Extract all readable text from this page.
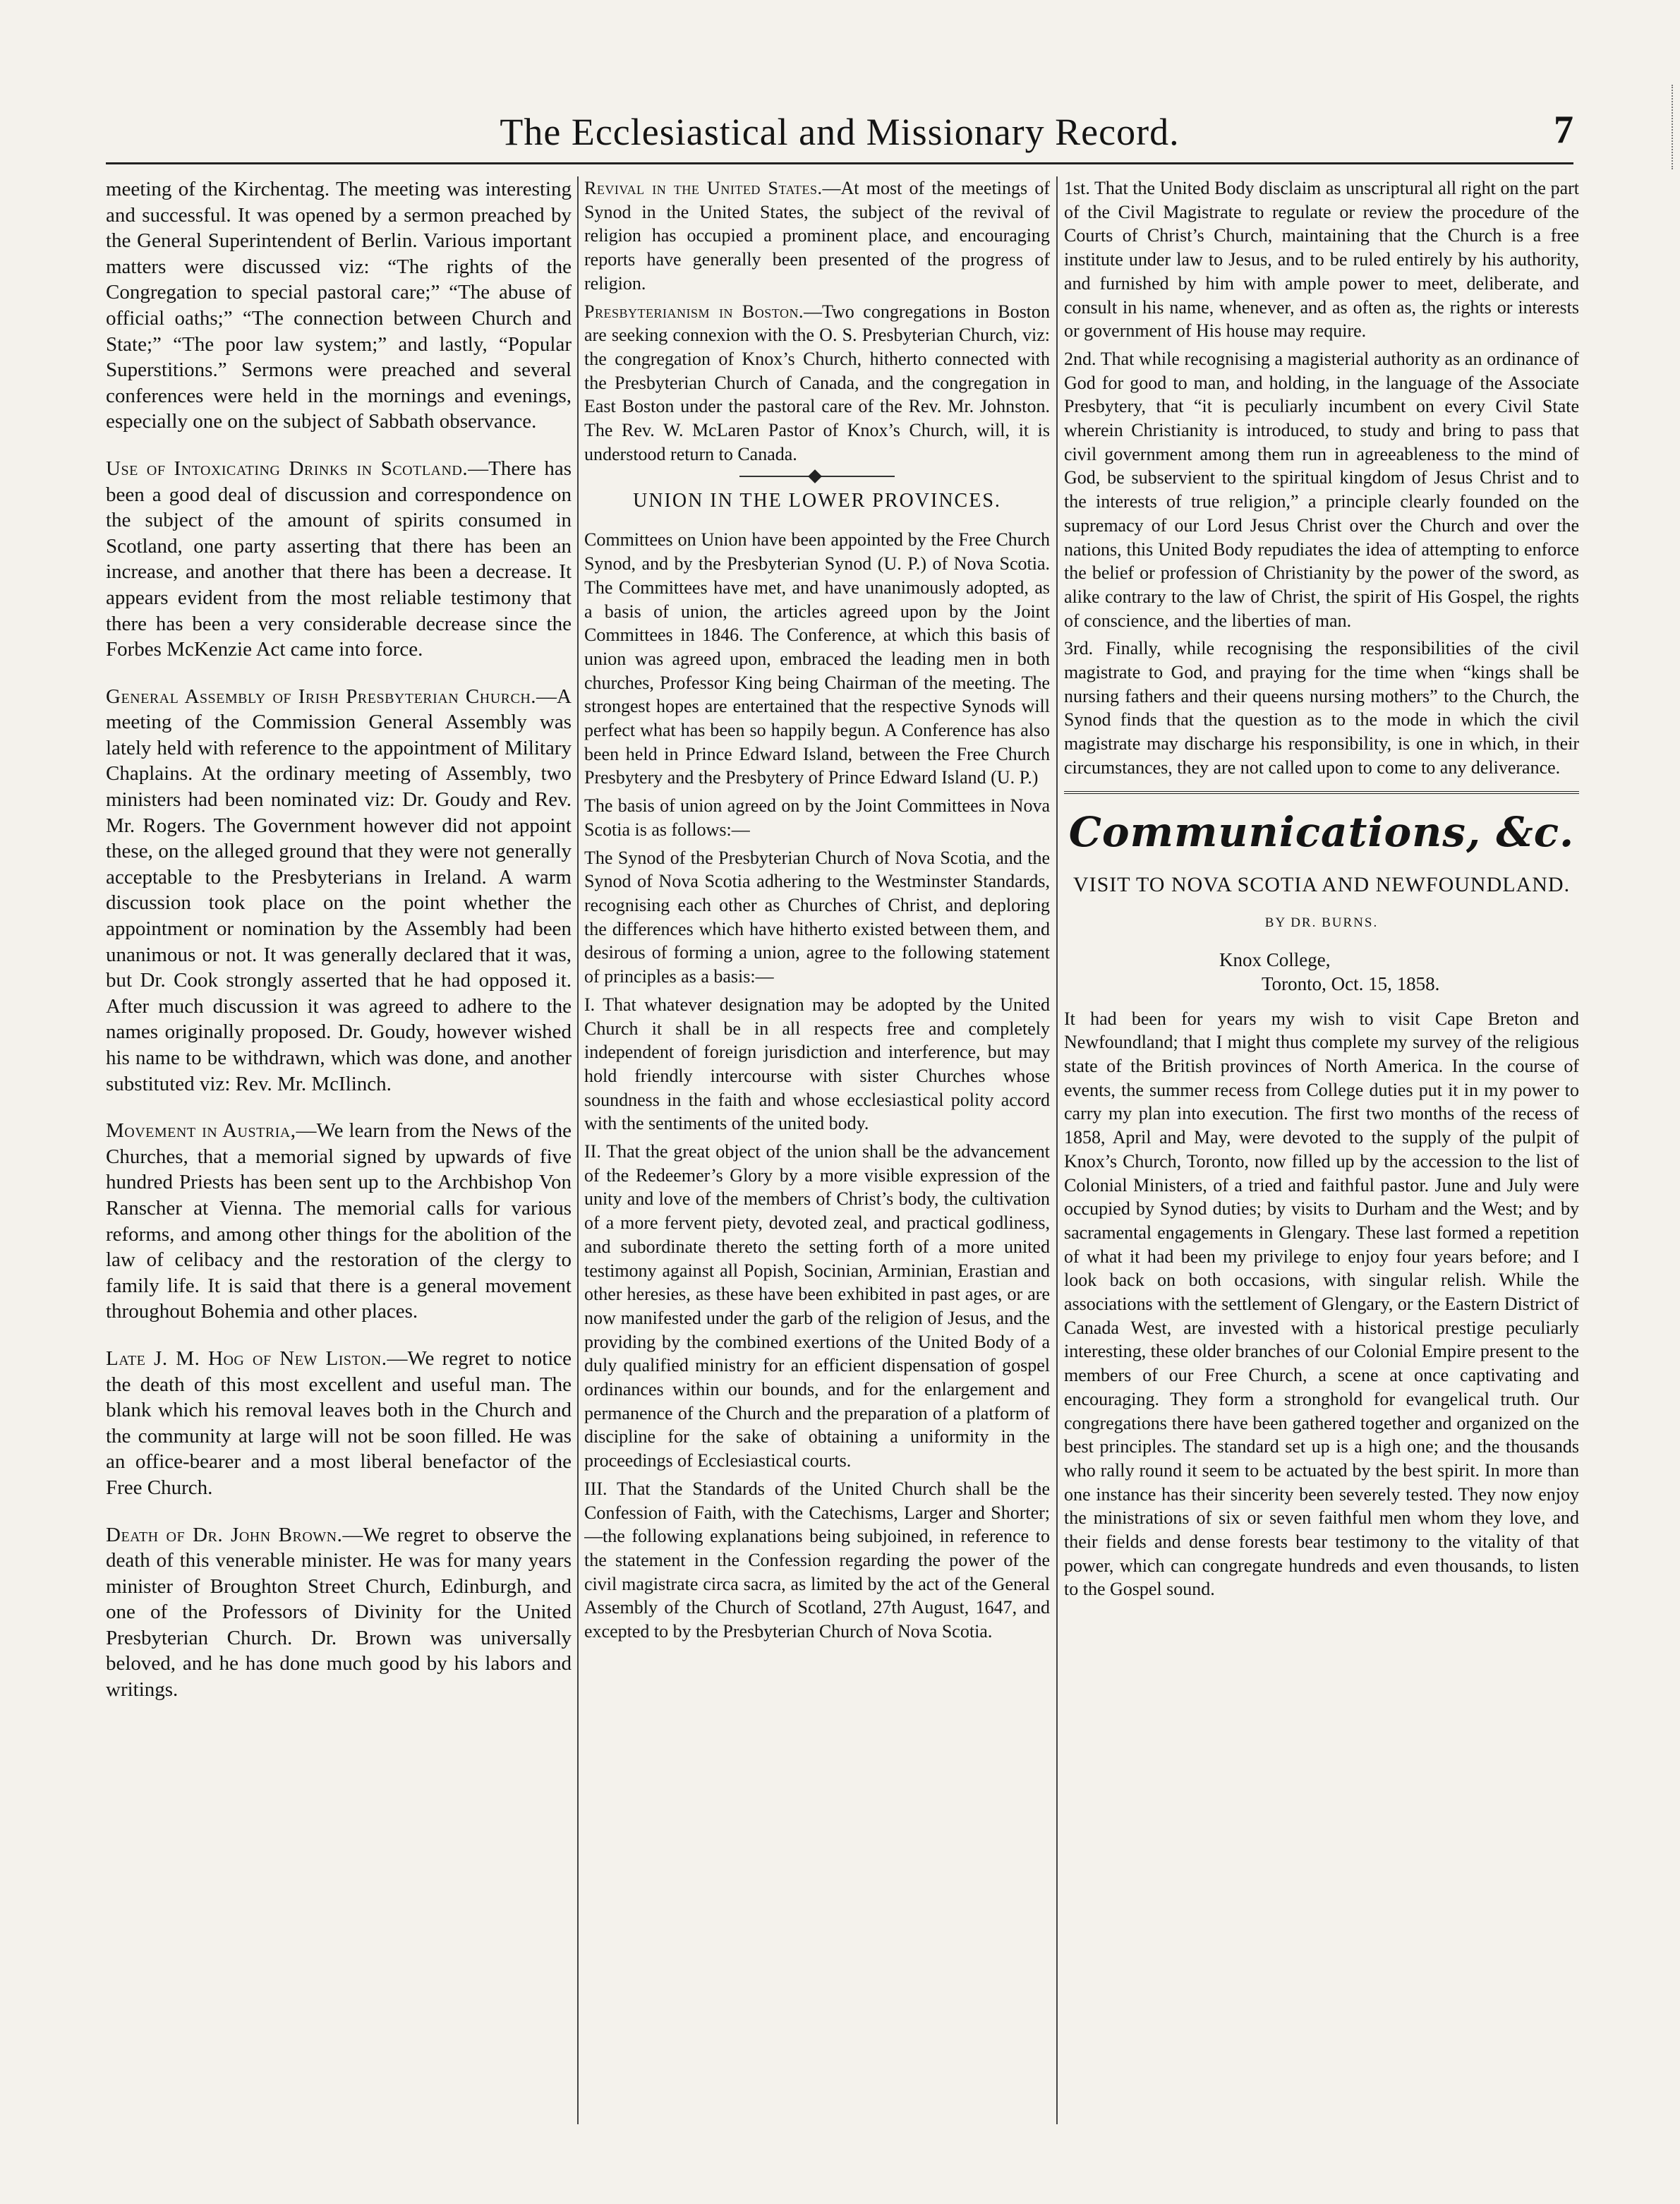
The Ecclesiastical and Missionary Record.	7

meeting of the Kirchentag. The meeting was interesting and successful. It was opened by a sermon preached by the General Superintendent of Berlin. Various important matters were discussed viz: “The rights of the Congregation to special pastoral care;” “The abuse of official oaths;” “The connection between Church and State;” “The poor law system;” and lastly, “Popular Superstitions.” Sermons were preached and several conferences were held in the mornings and evenings, especially one on the subject of Sabbath observance.

Use of Intoxicating Drinks in Scotland.—There has been a good deal of discussion and correspondence on the subject of the amount of spirits consumed in Scotland, one party asserting that there has been an increase, and another that there has been a decrease. It appears evident from the most reliable testimony that there has been a very considerable decrease since the Forbes McKenzie Act came into force.

General Assembly of Irish Presbyterian Church.—A meeting of the Commission General Assembly was lately held with reference to the appointment of Military Chaplains. At the ordinary meeting of Assembly, two ministers had been nominated viz: Dr. Goudy and Rev. Mr. Rogers. The Government however did not appoint these, on the alleged ground that they were not generally acceptable to the Presbyterians in Ireland. A warm discussion took place on the point whether the appointment or nomination by the Assembly had been unanimous or not. It was generally declared that it was, but Dr. Cook strongly asserted that he had opposed it. After much discussion it was agreed to adhere to the names originally proposed. Dr. Goudy, however wished his name to be withdrawn, which was done, and another substituted viz: Rev. Mr. McIlinch.

Movement in Austria,—We learn from the News of the Churches, that a memorial signed by upwards of five hundred Priests has been sent up to the Archbishop Von Ranscher at Vienna. The memorial calls for various reforms, and among other things for the abolition of the law of celibacy and the restoration of the clergy to family life. It is said that there is a general movement throughout Bohemia and other places.

Late J. M. Hog of New Liston.—We regret to notice the death of this most excellent and useful man. The blank which his removal leaves both in the Church and the community at large will not be soon filled. He was an office-bearer and a most liberal benefactor of the Free Church.

Death of Dr. John Brown.—We regret to observe the death of this venerable minister. He was for many years minister of Broughton Street Church, Edinburgh, and one of the Professors of Divinity for the United Presbyterian Church. Dr. Brown was universally beloved, and he has done much good by his labors and writings.

Revival in the United States.—At most of the meetings of Synod in the United States, the subject of the revival of religion has occupied a prominent place, and encouraging reports have generally been presented of the progress of religion.

Presbyterianism in Boston.—Two congregations in Boston are seeking connexion with the O. S. Presbyterian Church, viz: the congregation of Knox’s Church, hitherto connected with the Presbyterian Church of Canada, and the congregation in East Boston under the pastoral care of the Rev. Mr. Johnston. The Rev. W. McLaren Pastor of Knox’s Church, will, it is understood return to Canada.

UNION IN THE LOWER PROVINCES.

Committees on Union have been appointed by the Free Church Synod, and by the Presbyterian Synod (U. P.) of Nova Scotia. The Committees have met, and have unanimously adopted, as a basis of union, the articles agreed upon by the Joint Committees in 1846. The Conference, at which this basis of union was agreed upon, embraced the leading men in both churches, Professor King being Chairman of the meeting. The strongest hopes are entertained that the respective Synods will perfect what has been so happily begun. A Conference has also been held in Prince Edward Island, between the Free Church Presbytery and the Presbytery of Prince Edward Island (U. P.)

The basis of union agreed on by the Joint Committees in Nova Scotia is as follows:—

The Synod of the Presbyterian Church of Nova Scotia, and the Synod of Nova Scotia adhering to the Westminster Standards, recognising each other as Churches of Christ, and deploring the differences which have hitherto existed between them, and desirous of forming a union, agree to the following statement of principles as a basis:—

I. That whatever designation may be adopted by the United Church it shall be in all respects free and completely independent of foreign jurisdiction and interference, but may hold friendly intercourse with sister Churches whose soundness in the faith and whose ecclesiastical polity accord with the sentiments of the united body.

II. That the great object of the union shall be the advancement of the Redeemer’s Glory by a more visible expression of the unity and love of the members of Christ’s body, the cultivation of a more fervent piety, devoted zeal, and practical godliness, and subordinate thereto the setting forth of a more united testimony against all Popish, Socinian, Arminian, Erastian and other heresies, as these have been exhibited in past ages, or are now manifested under the garb of the religion of Jesus, and the providing by the combined exertions of the United Body of a duly qualified ministry for an efficient dispensation of gospel ordinances within our bounds, and for the enlargement and permanence of the Church and the preparation of a platform of discipline for the sake of obtaining a uniformity in the proceedings of Ecclesiastical courts.

III. That the Standards of the United Church shall be the Confession of Faith, with the Catechisms, Larger and Shorter;—the following explanations being subjoined, in reference to the statement in the Confession regarding the power of the civil magistrate circa sacra, as limited by the act of the General Assembly of the Church of Scotland, 27th August, 1647, and excepted to by the Presbyterian Church of Nova Scotia.

1st. That the United Body disclaim as unscriptural all right on the part of the Civil Magistrate to regulate or review the procedure of the Courts of Christ’s Church, maintaining that the Church is a free institute under law to Jesus, and to be ruled entirely by his authority, and furnished by him with ample power to meet, deliberate, and consult in his name, whenever, and as often as, the rights or interests or government of His house may require.

2nd. That while recognising a magisterial authority as an ordinance of God for good to man, and holding, in the language of the Associate Presbytery, that “it is peculiarly incumbent on every Civil State wherein Christianity is introduced, to study and bring to pass that civil government among them run in agreeableness to the mind of God, be subservient to the spiritual kingdom of Jesus Christ and to the interests of true religion,” a principle clearly founded on the supremacy of our Lord Jesus Christ over the Church and over the nations, this United Body repudiates the idea of attempting to enforce the belief or profession of Christianity by the power of the sword, as alike contrary to the law of Christ, the spirit of His Gospel, the rights of conscience, and the liberties of man.

3rd. Finally, while recognising the responsibilities of the civil magistrate to God, and praying for the time when “kings shall be nursing fathers and their queens nursing mothers” to the Church, the Synod finds that the question as to the mode in which the civil magistrate may discharge his responsibility, is one in which, in their circumstances, they are not called upon to come to any deliverance.

Communications, &c.
VISIT TO NOVA SCOTIA AND NEWFOUNDLAND.
BY DR. BURNS.
Knox College,
Toronto, Oct. 15, 1858.

It had been for years my wish to visit Cape Breton and Newfoundland; that I might thus complete my survey of the religious state of the British provinces of North America. In the course of events, the summer recess from College duties put it in my power to carry my plan into execution. The first two months of the recess of 1858, April and May, were devoted to the supply of the pulpit of Knox’s Church, Toronto, now filled up by the accession to the list of Colonial Ministers, of a tried and faithful pastor. June and July were occupied by Synod duties; by visits to Durham and the West; and by sacramental engagements in Glengary. These last formed a repetition of what it had been my privilege to enjoy four years before; and I look back on both occasions, with singular relish. While the associations with the settlement of Glengary, or the Eastern District of Canada West, are invested with a historical prestige peculiarly interesting, these older branches of our Colonial Empire present to the members of our Free Church, a scene at once captivating and encouraging. They form a stronghold for evangelical truth. Our congregations there have been gathered together and organized on the best principles. The standard set up is a high one; and the thousands who rally round it seem to be actuated by the best spirit. In more than one instance has their sincerity been severely tested. They now enjoy the ministrations of six or seven faithful men whom they love, and their fields and dense forests bear testimony to the vitality of that power, which can congregate hundreds and even thousands, to listen to the Gospel sound.
